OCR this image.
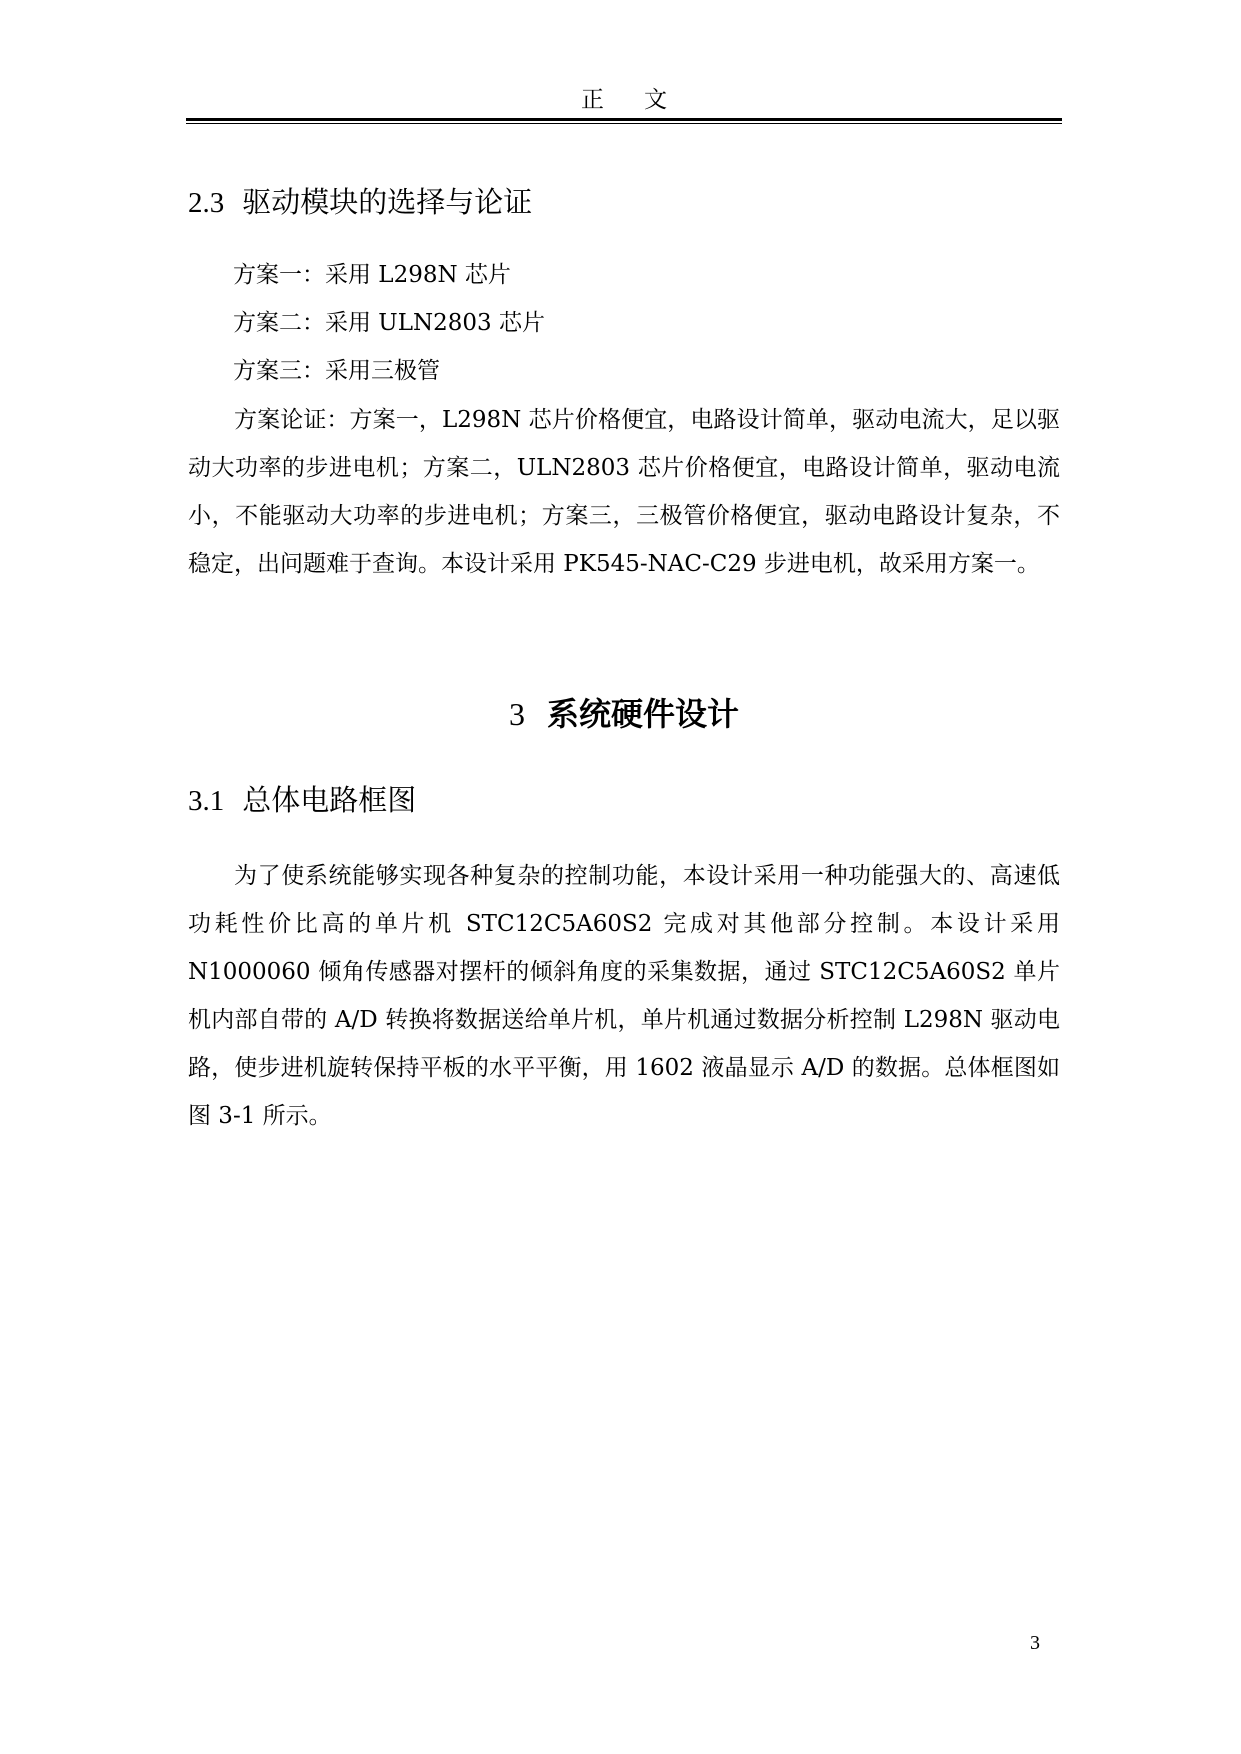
正文
2.3 驱动模块的选择与论证
方案一：采用 L298N 芯片
方案二：采用 ULN2803 芯片
方案三：采用三极管

方案论证：方案一，L298N 芯片价格便宜，电路设计简单，驱动电流大，足以驱动大功率的步进电机；方案二，ULN2803 芯片价格便宜，电路设计简单，驱动电流小，不能驱动大功率的步进电机；方案三，三极管价格便宜，驱动电路设计复杂，不稳定，出问题难于查询。本设计采用 PK545-NAC-C29 步进电机，故采用方案一。

3 系统硬件设计
3.1 总体电路框图

为了使系统能够实现各种复杂的控制功能，本设计采用一种功能强大的、高速低功耗性价比高的单片机 STC12C5A60S2 完成对其他部分控制。本设计采用 N1000060 倾角传感器对摆杆的倾斜角度的采集数据，通过 STC12C5A60S2 单片机内部自带的 A/D 转换将数据送给单片机，单片机通过数据分析控制 L298N 驱动电路，使步进机旋转保持平板的水平平衡，用 1602 液晶显示 A/D 的数据。总体框图如图 3-1 所示。

3
